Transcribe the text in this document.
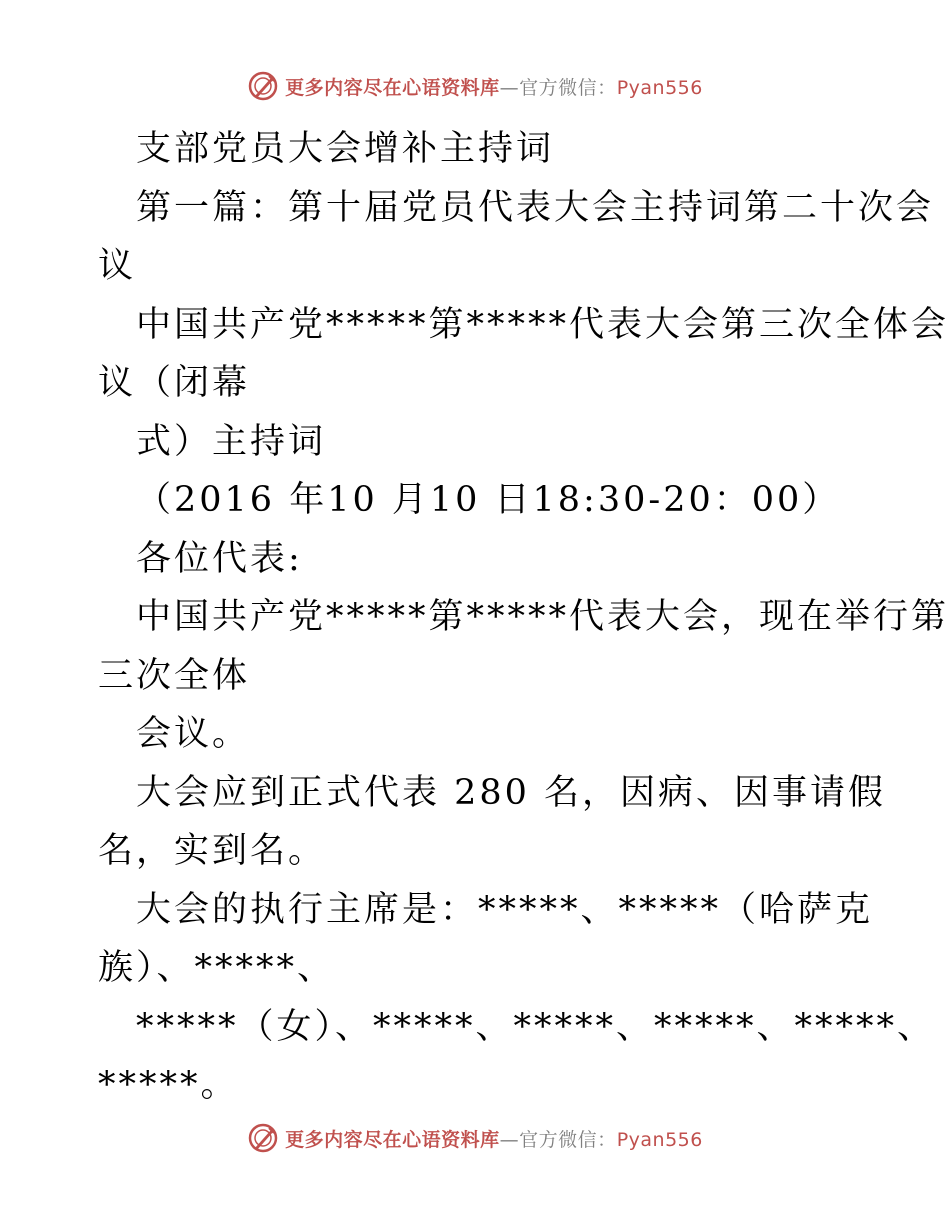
更多内容尽在心语资料库—官方微信：Pyan556
支部党员大会增补主持词
第一篇：第十届党员代表大会主持词第二十次会
议
中国共产党*****第*****代表大会第三次全体会
议（闭幕
式）主持词
（2016 年10 月10 日18:30-20：00）
各位代表:
中国共产党*****第*****代表大会，现在举行第
三次全体
会议。
大会应到正式代表 280 名，因病、因事请假
名，实到名。
大会的执行主席是：*****、*****（哈萨克
族）、*****、
*****（女）、*****、*****、*****、*****、
*****。
更多内容尽在心语资料库—官方微信：Pyan556
